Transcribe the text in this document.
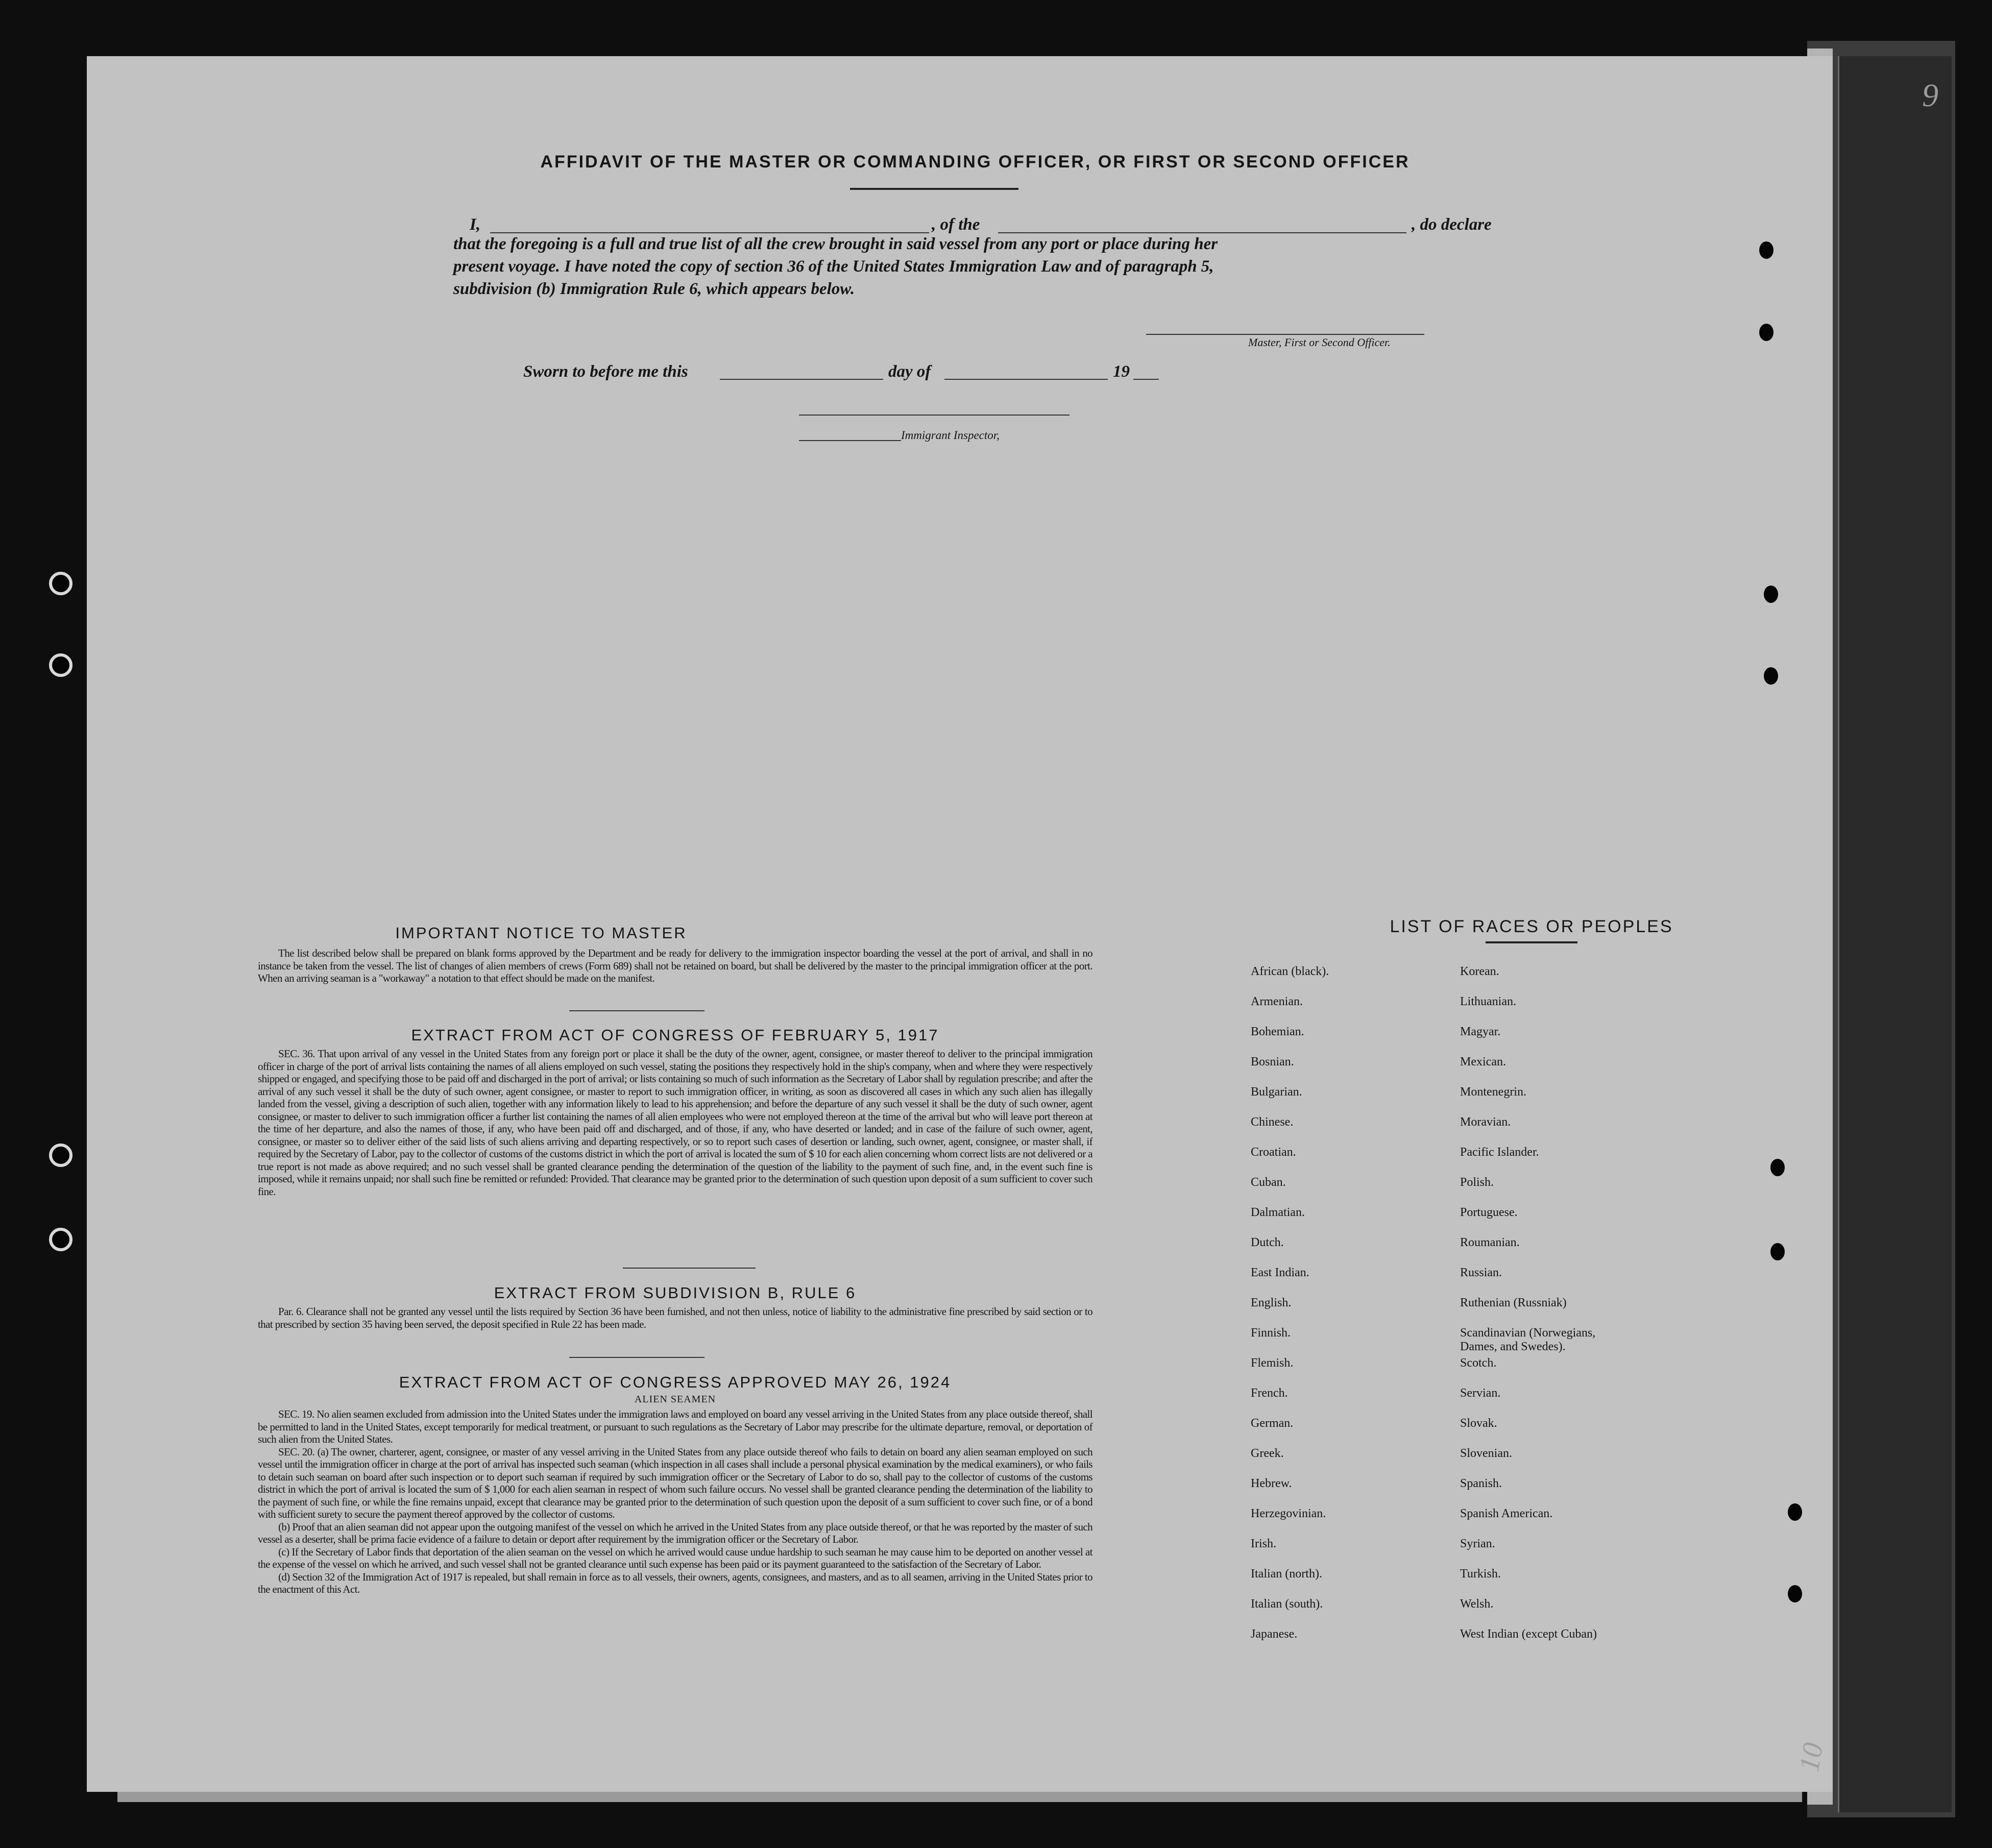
AFFIDAVIT OF THE MASTER OR COMMANDING OFFICER, OR FIRST OR SECOND OFFICER
I,	, of the	, do declare
that the foregoing is a full and true list of all the crew brought in said vessel from any port or place during her
present voyage. I have noted the copy of section 36 of the United States Immigration Law and of paragraph 5,
subdivision (b) Immigration Rule 6, which appears below.
Master, First or Second Officer.
Sworn to before me this	day of	19
Immigrant Inspector,
IMPORTANT NOTICE TO MASTER

The list described below shall be prepared on blank forms approved by the Department and be ready for delivery to the immigration inspector boarding the vessel at the port of arrival, and shall in no instance be taken from the vessel. The list of changes of alien members of crews (Form 689) shall not be retained on board, but shall be delivered by the master to the principal immigration officer at the port. When an arriving seaman is a "workaway" a notation to that effect should be made on the manifest.

EXTRACT FROM ACT OF CONGRESS OF FEBRUARY 5, 1917

SEC. 36. That upon arrival of any vessel in the United States from any foreign port or place it shall be the duty of the owner, agent, consignee, or master thereof to deliver to the principal immigration officer in charge of the port of arrival lists containing the names of all aliens employed on such vessel, stating the positions they respectively hold in the ship's company, when and where they were respectively shipped or engaged, and specifying those to be paid off and discharged in the port of arrival; or lists containing so much of such information as the Secretary of Labor shall by regulation prescribe; and after the arrival of any such vessel it shall be the duty of such owner, agent consignee, or master to report to such immigration officer, in writing, as soon as discovered all cases in which any such alien has illegally landed from the vessel, giving a description of such alien, together with any information likely to lead to his apprehension; and before the departure of any such vessel it shall be the duty of such owner, agent consignee, or master to deliver to such immigration officer a further list containing the names of all alien employees who were not employed thereon at the time of the arrival but who will leave port thereon at the time of her departure, and also the names of those, if any, who have been paid off and discharged, and of those, if any, who have deserted or landed; and in case of the failure of such owner, agent, consignee, or master so to deliver either of the said lists of such aliens arriving and departing respectively, or so to report such cases of desertion or landing, such owner, agent, consignee, or master shall, if required by the Secretary of Labor, pay to the collector of customs of the customs district in which the port of arrival is located the sum of $ 10 for each alien concerning whom correct lists are not delivered or a true report is not made as above required; and no such vessel shall be granted clearance pending the determination of the question of the liability to the payment of such fine, and, in the event such fine is imposed, while it remains unpaid; nor shall such fine be remitted or refunded: Provided. That clearance may be granted prior to the determination of such question upon deposit of a sum sufficient to cover such fine.

EXTRACT FROM SUBDIVISION B, RULE 6

Par. 6. Clearance shall not be granted any vessel until the lists required by Section 36 have been furnished, and not then unless, notice of liability to the administrative fine prescribed by said section or to that prescribed by section 35 having been served, the deposit specified in Rule 22 has been made.

EXTRACT FROM ACT OF CONGRESS APPROVED MAY 26, 1924
ALIEN SEAMEN

SEC. 19. No alien seamen excluded from admission into the United States under the immigration laws and employed on board any vessel arriving in the United States from any place outside thereof, shall be permitted to land in the United States, except temporarily for medical treatment, or pursuant to such regulations as the Secretary of Labor may prescribe for the ultimate departure, removal, or deportation of such alien from the United States.

SEC. 20. (a) The owner, charterer, agent, consignee, or master of any vessel arriving in the United States from any place outside thereof who fails to detain on board any alien seaman employed on such vessel until the immigration officer in charge at the port of arrival has inspected such seaman (which inspection in all cases shall include a personal physical examination by the medical examiners), or who fails to detain such seaman on board after such inspection or to deport such seaman if required by such immigration officer or the Secretary of Labor to do so, shall pay to the collector of customs of the customs district in which the port of arrival is located the sum of $ 1,000 for each alien seaman in respect of whom such failure occurs. No vessel shall be granted clearance pending the determination of the liability to the payment of such fine, or while the fine remains unpaid, except that clearance may be granted prior to the determination of such question upon the deposit of a sum sufficient to cover such fine, or of a bond with sufficient surety to secure the payment thereof approved by the collector of customs.

(b) Proof that an alien seaman did not appear upon the outgoing manifest of the vessel on which he arrived in the United States from any place outside thereof, or that he was reported by the master of such vessel as a deserter, shall be prima facie evidence of a failure to detain or deport after requirement by the immigration officer or the Secretary of Labor.

(c) If the Secretary of Labor finds that deportation of the alien seaman on the vessel on which he arrived would cause undue hardship to such seaman he may cause him to be deported on another vessel at the expense of the vessel on which he arrived, and such vessel shall not be granted clearance until such expense has been paid or its payment guaranteed to the satisfaction of the Secretary of Labor.

(d) Section 32 of the Immigration Act of 1917 is repealed, but shall remain in force as to all vessels, their owners, agents, consignees, and masters, and as to all seamen, arriving in the United States prior to the enactment of this Act.

LIST OF RACES OR PEOPLES
African (black).
Armenian.
Bohemian.
Bosnian.
Bulgarian.
Chinese.
Croatian.
Cuban.
Dalmatian.
Dutch.
East Indian.
English.
Finnish.
Flemish.
French.
German.
Greek.
Hebrew.
Herzegovinian.
Irish.
Italian (north).
Italian (south).
Japanese.
Korean.
Lithuanian.
Magyar.
Mexican.
Montenegrin.
Moravian.
Pacific Islander.
Polish.
Portuguese.
Roumanian.
Russian.
Ruthenian (Russniak)
Scandinavian (Norwegians,
Dames, and Swedes).
Scotch.
Servian.
Slovak.
Slovenian.
Spanish.
Spanish American.
Syrian.
Turkish.
Welsh.
West Indian (except Cuban)
9
10
